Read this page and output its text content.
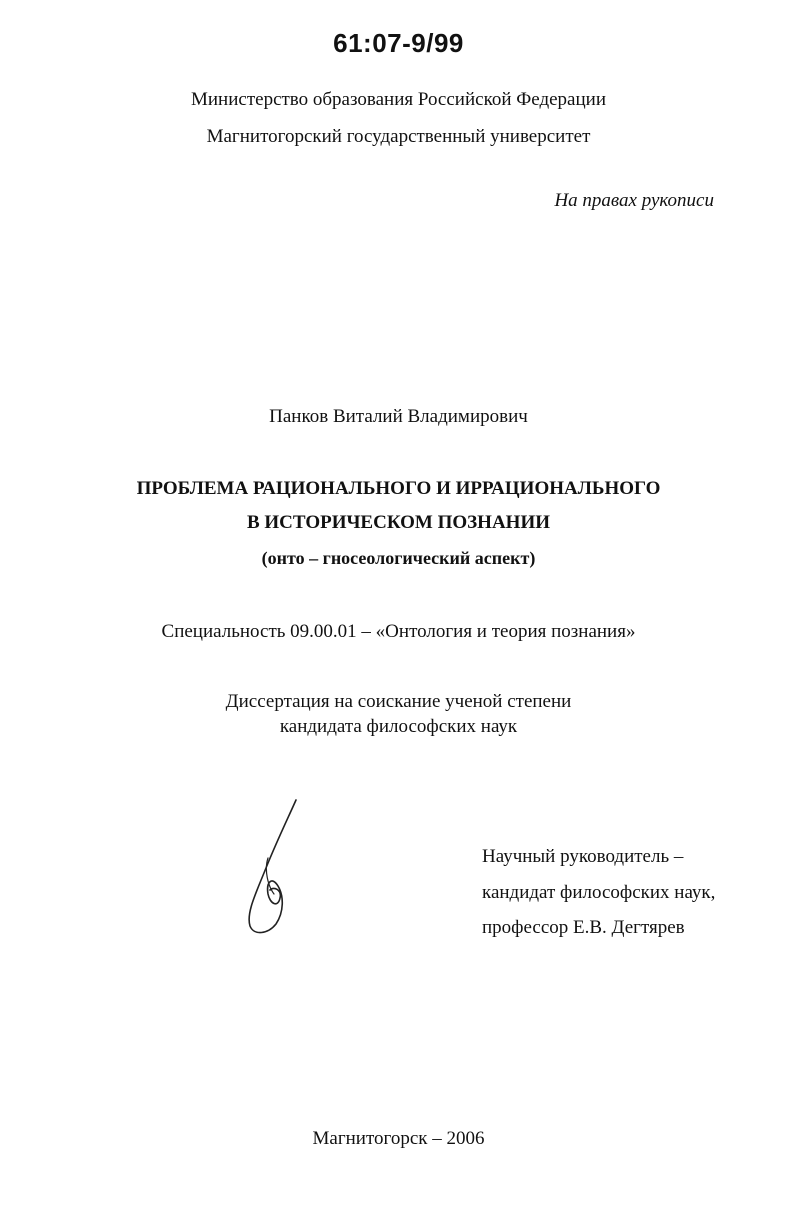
61:07-9/99
Министерство образования Российской Федерации
Магнитогорский государственный университет
На правах рукописи
Панков Виталий Владимирович
ПРОБЛЕМА РАЦИОНАЛЬНОГО И ИРРАЦИОНАЛЬНОГО
В ИСТОРИЧЕСКОМ ПОЗНАНИИ
(онто – гносеологический аспект)
Специальность 09.00.01 – «Онтология и теория познания»
Диссертация на соискание ученой степени
кандидата философских наук
Научный руководитель –
кандидат философских наук,
профессор Е.В. Дегтярев
Магнитогорск – 2006
